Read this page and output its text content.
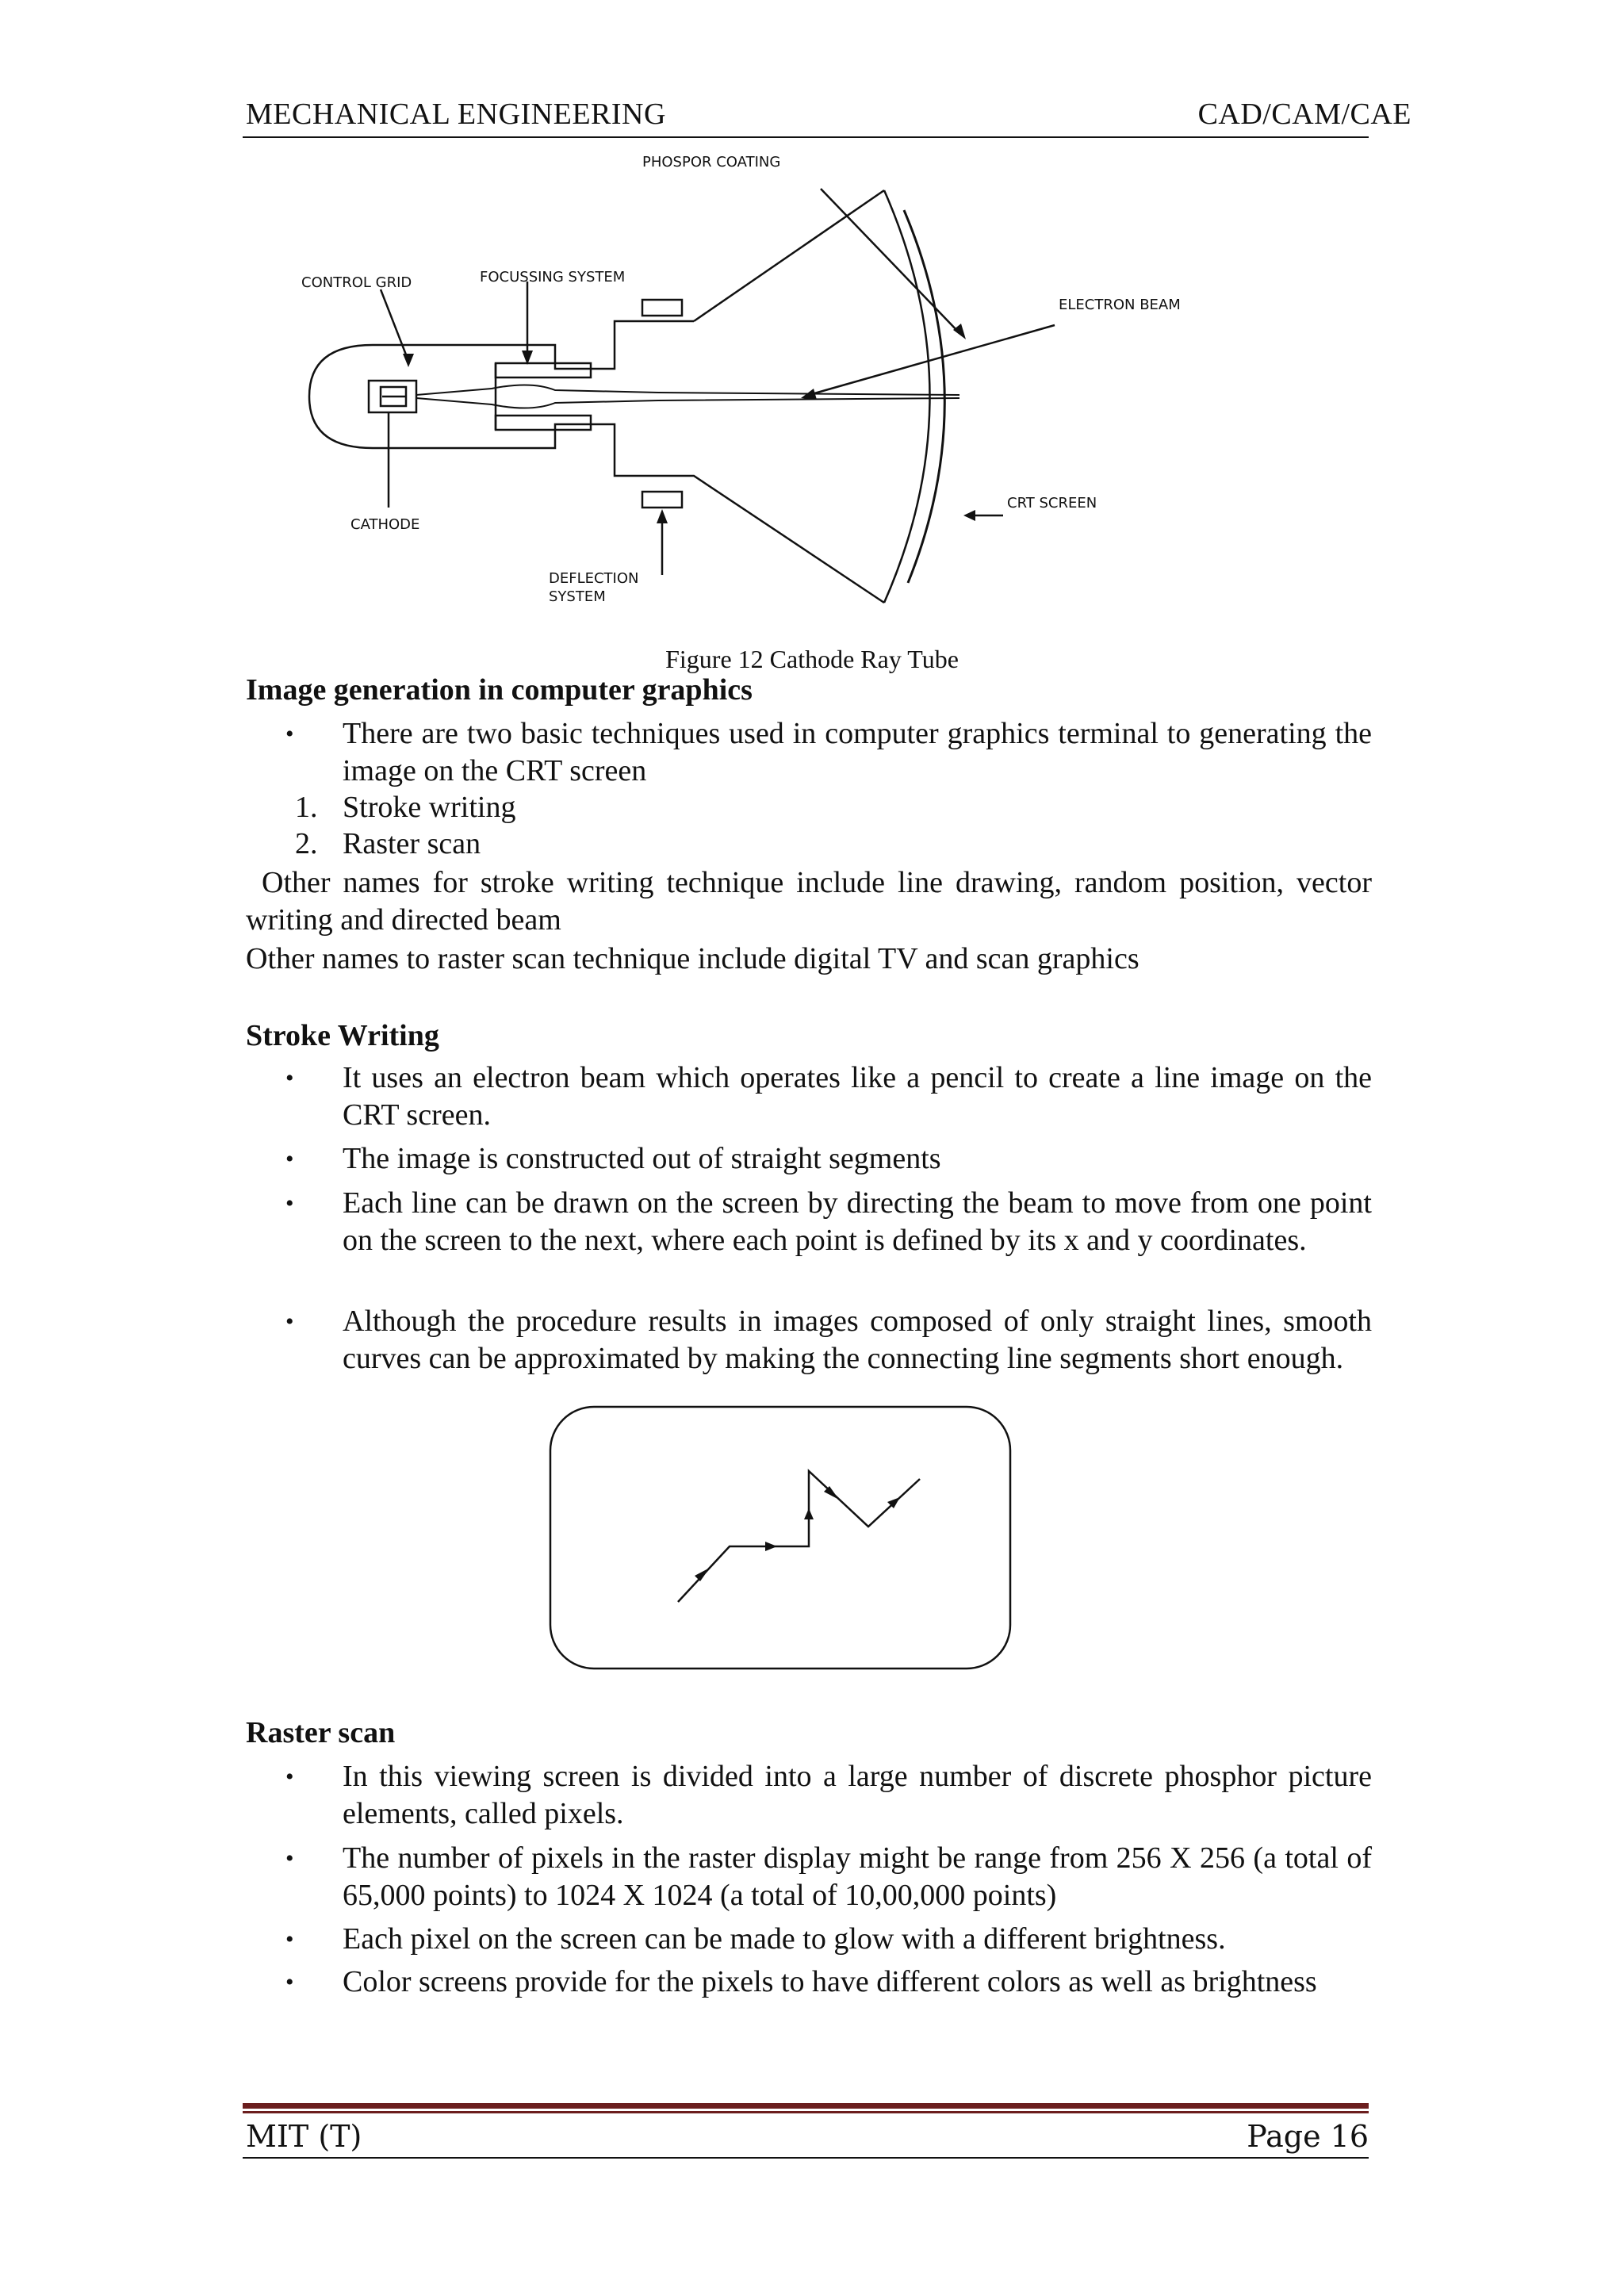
MECHANICAL ENGINEERING	CAD/CAM/CAE
PHOSPOR COATING
CONTROL GRID	FOCUSSING SYSTEM
ELECTRON BEAM
CRT SCREEN
CATHODE
DEFLECTION
SYSTEM
Figure 12 Cathode Ray Tube
Image generation in computer graphics
•	There are two basic techniques used in computer graphics terminal to generating the image on the CRT screen
1. Stroke writing
2. Raster scan
Other names for stroke writing technique include line drawing, random position, vector writing and directed beam
Other names to raster scan technique include digital TV and scan graphics
Stroke Writing
•	It uses an electron beam which operates like a pencil to create a line image on the CRT screen.
•	The image is constructed out of straight segments
•	Each line can be drawn on the screen by directing the beam to move from one point on the screen to the next, where each point is defined by its x and y coordinates.
•	Although the procedure results in images composed of only straight lines, smooth curves can be approximated by making the connecting line segments short enough.
Raster scan
•	In this viewing screen is divided into a large number of discrete phosphor picture elements, called pixels.
•	The number of pixels in the raster display might be range from 256 X 256 (a total of 65,000 points) to 1024 X 1024 (a total of 10,00,000 points)
•	Each pixel on the screen can be made to glow with a different brightness.
•	Color screens provide for the pixels to have different colors as well as brightness
MIT (T)	Page 16
